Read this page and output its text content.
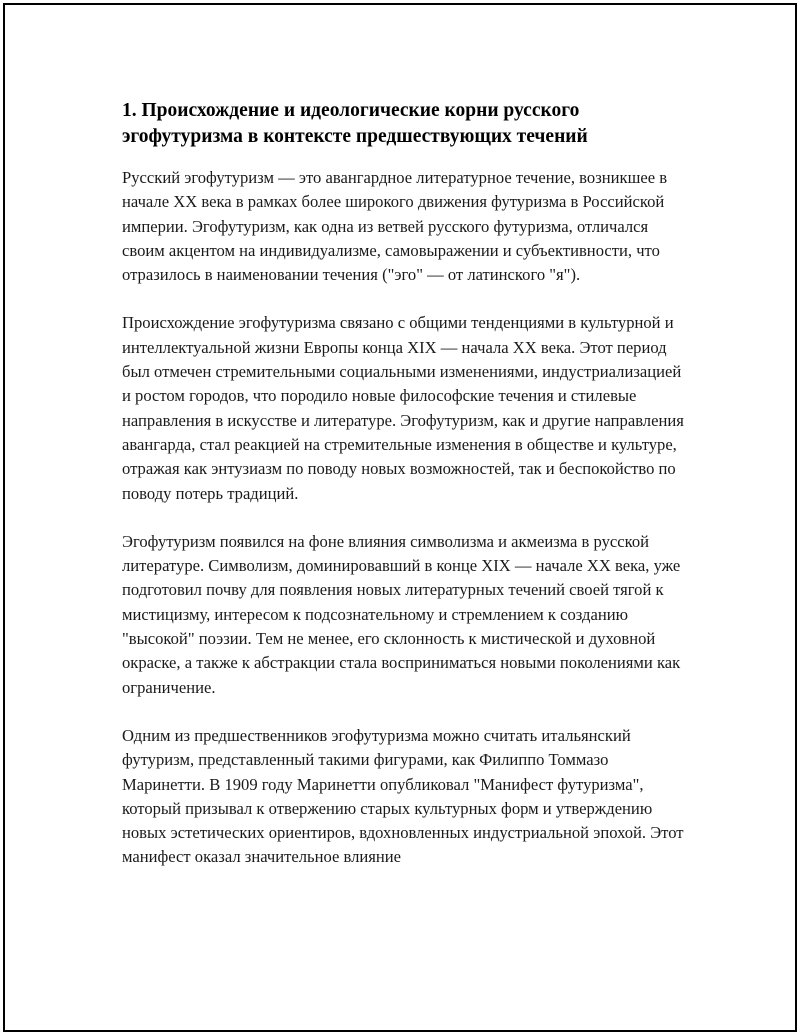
1. Происхождение и идеологические корни русского эгофутуризма в контексте предшествующих течений

Русский эгофутуризм — это авангардное литературное течение, возникшее в начале XX века в рамках более широкого движения футуризма в Российской империи. Эгофутуризм, как одна из ветвей русского футуризма, отличался своим акцентом на индивидуализме, самовыражении и субъективности, что отразилось в наименовании течения ("эго" — от латинского "я").

Происхождение эгофутуризма связано с общими тенденциями в культурной и интеллектуальной жизни Европы конца XIX — начала XX века. Этот период был отмечен стремительными социальными изменениями, индустриализацией и ростом городов, что породило новые философские течения и стилевые направления в искусстве и литературе. Эгофутуризм, как и другие направления авангарда, стал реакцией на стремительные изменения в обществе и культуре, отражая как энтузиазм по поводу новых возможностей, так и беспокойство по поводу потерь традиций.

Эгофутуризм появился на фоне влияния символизма и акмеизма в русской литературе. Символизм, доминировавший в конце XIX — начале XX века, уже подготовил почву для появления новых литературных течений своей тягой к мистицизму, интересом к подсознательному и стремлением к созданию "высокой" поэзии. Тем не менее, его склонность к мистической и духовной окраске, а также к абстракции стала восприниматься новыми поколениями как ограничение.

Одним из предшественников эгофутуризма можно считать итальянский футуризм, представленный такими фигурами, как Филиппо Томмазо Маринетти. В 1909 году Маринетти опубликовал "Манифест футуризма", который призывал к отвержению старых культурных форм и утверждению новых эстетических ориентиров, вдохновленных индустриальной эпохой. Этот манифест оказал значительное влияние
